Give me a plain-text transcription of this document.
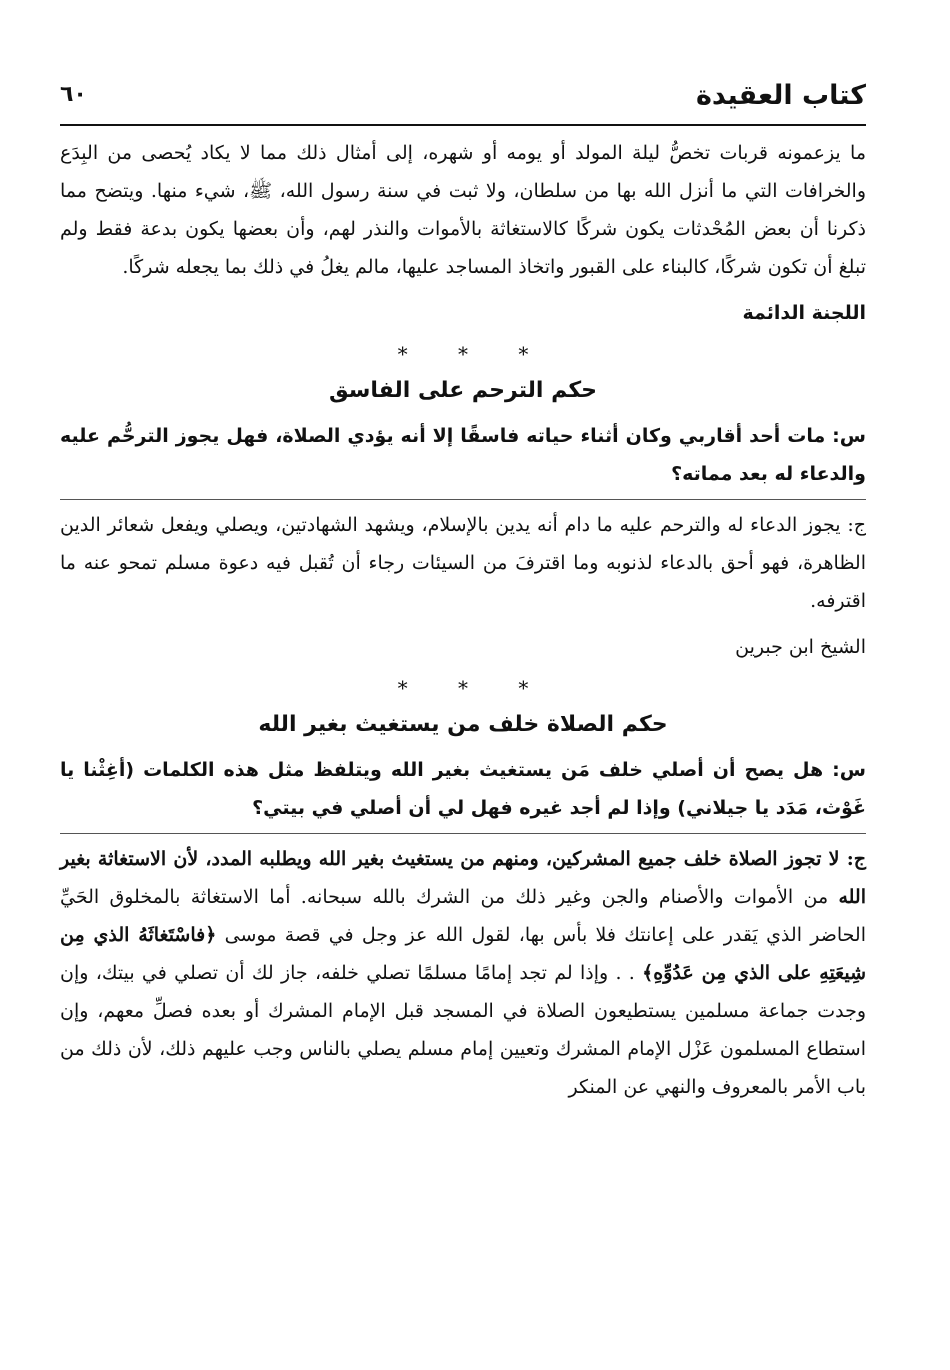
كتاب العقيدة
٦٠

ما يزعمونه قربات تخصُّ ليلة المولد أو يومه أو شهره، إلى أمثال ذلك مما لا يكاد يُحصى من البِدَع والخرافات التي ما أنزل الله بها من سلطان، ولا ثبت في سنة رسول الله، ﷺ، شيء منها. ويتضح مما ذكرنا أن بعض المُحْدثات يكون شركًا كالاستغاثة بالأموات والنذر لهم، وأن بعضها يكون بدعة فقط ولم تبلغ أن تكون شركًا، كالبناء على القبور واتخاذ المساجد عليها، مالم يغلُ في ذلك بما يجعله شركًا.

اللجنة الدائمة
* * *
حكم الترحم على الفاسق

س: مات أحد أقاربي وكان أثناء حياته فاسقًا إلا أنه يؤدي الصلاة، فهل يجوز الترحُّم عليه والدعاء له بعد مماته؟

ج: يجوز الدعاء له والترحم عليه ما دام أنه يدين بالإسلام، ويشهد الشهادتين، ويصلي ويفعل شعائر الدين الظاهرة، فهو أحق بالدعاء لذنوبه وما اقترفَ من السيئات رجاء أن تُقبل فيه دعوة مسلم تمحو عنه ما اقترفه.

الشيخ ابن جبرين
* * *
حكم الصلاة خلف من يستغيث بغير الله

س: هل يصح أن أصلي خلف مَن يستغيث بغير الله ويتلفظ مثل هذه الكلمات (أغِثْنا يا غَوْث، مَدَد يا جيلاني) وإذا لم أجد غيره فهل لي أن أصلي في بيتي؟

ج: لا تجوز الصلاة خلف جميع المشركين، ومنهم من يستغيث بغير الله ويطلبه المدد، لأن الاستغاثة بغير الله من الأموات والأصنام والجن وغير ذلك من الشرك بالله سبحانه. أما الاستغاثة بالمخلوق الحَيِّ الحاضر الذي يَقدر على إعانتك فلا بأس بها، لقول الله عز وجل في قصة موسى ﴿فاسْتَغاثَهُ الذي مِن شِيعَتِهِ على الذي مِن عَدُوِّهِ﴾ . . وإذا لم تجد إمامًا مسلمًا تصلي خلفه، جاز لك أن تصلي في بيتك، وإن وجدت جماعة مسلمين يستطيعون الصلاة في المسجد قبل الإمام المشرك أو بعده فصلِّ معهم، وإن استطاع المسلمون عَزْل الإمام المشرك وتعيين إمام مسلم يصلي بالناس وجب عليهم ذلك، لأن ذلك من باب الأمر بالمعروف والنهي عن المنكر
